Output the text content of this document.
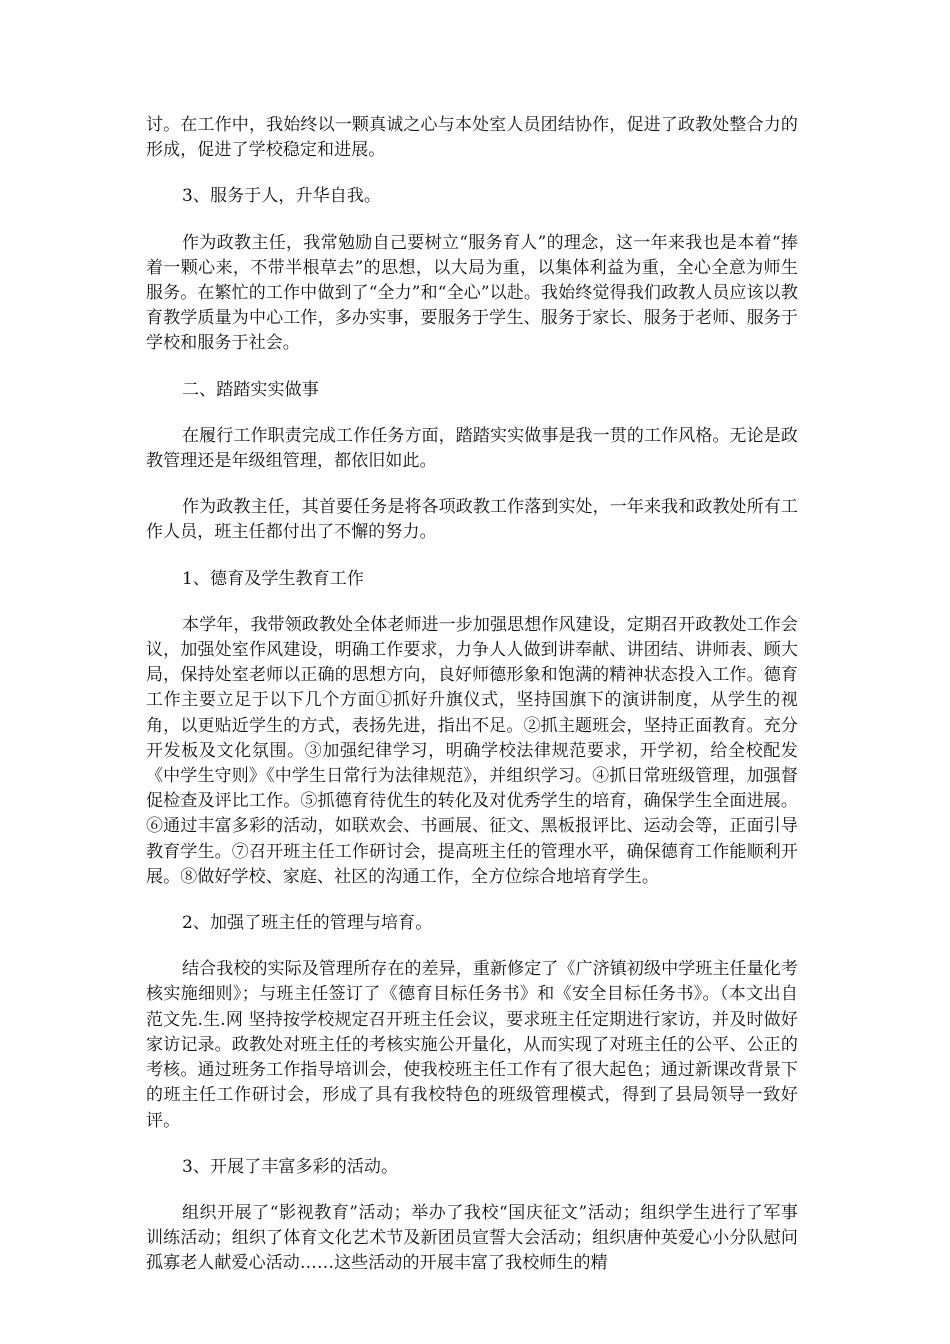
讨。在工作中，我始终以一颗真诚之心与本处室人员团结协作，促进了政教处整合力的形成，促进了学校稳定和进展。

3、服务于人，升华自我。

作为政教主任，我常勉励自己要树立“服务育人”的理念，这一年来我也是本着“捧着一颗心来，不带半根草去”的思想，以大局为重，以集体利益为重，全心全意为师生服务。在繁忙的工作中做到了“全力”和“全心”以赴。我始终觉得我们政教人员应该以教育教学质量为中心工作，多办实事，要服务于学生、服务于家长、服务于老师、服务于学校和服务于社会。

二、踏踏实实做事

在履行工作职责完成工作任务方面，踏踏实实做事是我一贯的工作风格。无论是政教管理还是年级组管理，都依旧如此。

作为政教主任，其首要任务是将各项政教工作落到实处，一年来我和政教处所有工作人员，班主任都付出了不懈的努力。

1、德育及学生教育工作

本学年，我带领政教处全体老师进一步加强思想作风建设，定期召开政教处工作会议，加强处室作风建设，明确工作要求，力争人人做到讲奉献、讲团结、讲师表、顾大局，保持处室老师以正确的思想方向，良好师德形象和饱满的精神状态投入工作。德育工作主要立足于以下几个方面①抓好升旗仪式，坚持国旗下的演讲制度，从学生的视角，以更贴近学生的方式，表扬先进，指出不足。②抓主题班会，坚持正面教育。充分开发板及文化氛围。③加强纪律学习，明确学校法律规范要求，开学初，给全校配发《中学生守则》《中学生日常行为法律规范》，并组织学习。④抓日常班级管理，加强督促检查及评比工作。⑤抓德育待优生的转化及对优秀学生的培育，确保学生全面进展。⑥通过丰富多彩的活动，如联欢会、书画展、征文、黑板报评比、运动会等，正面引导教育学生。⑦召开班主任工作研讨会，提高班主任的管理水平，确保德育工作能顺利开展。⑧做好学校、家庭、社区的沟通工作，全方位综合地培育学生。

2、加强了班主任的管理与培育。

结合我校的实际及管理所存在的差异，重新修定了《广济镇初级中学班主任量化考核实施细则》；与班主任签订了《德育目标任务书》和《安全目标任务书》。（本文出自范文先.生.网 坚持按学校规定召开班主任会议，要求班主任定期进行家访，并及时做好家访记录。政教处对班主任的考核实施公开量化，从而实现了对班主任的公平、公正的考核。通过班务工作指导培训会，使我校班主任工作有了很大起色；通过新课改背景下的班主任工作研讨会，形成了具有我校特色的班级管理模式，得到了县局领导一致好评。

3、开展了丰富多彩的活动。

组织开展了“影视教育”活动；举办了我校“国庆征文”活动；组织学生进行了军事训练活动；组织了体育文化艺术节及新团员宣誓大会活动；组织唐仲英爱心小分队慰问孤寡老人献爱心活动……这些活动的开展丰富了我校师生的精
